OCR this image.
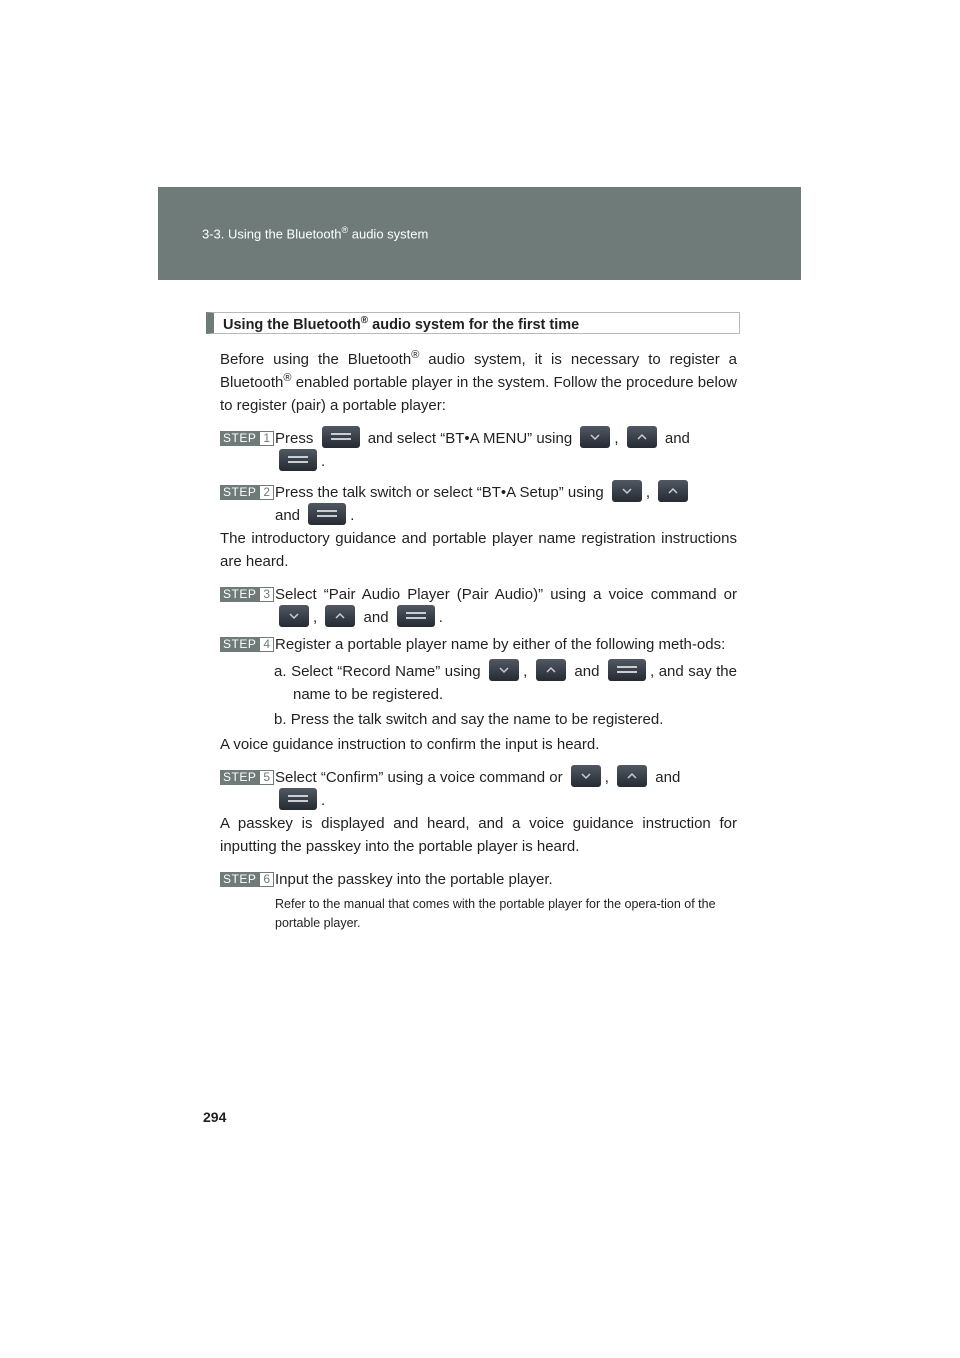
3-3. Using the Bluetooth® audio system
Using the Bluetooth® audio system for the first time

Before using the Bluetooth® audio system, it is necessary to register a Bluetooth® enabled portable player in the system. Follow the procedure below to register (pair) a portable player:

STEP 1 Press	and select “BT•A MENU” using	,	and
.
STEP 2 Press the talk switch or select “BT•A Setup” using	,

and	.

The introductory guidance and portable player name registration instructions are heard.

STEP 3 Select “Pair Audio Player (Pair Audio)” using a voice command or
,	and	.
STEP 4 Register a portable player name by either of the following meth-ods:

a. Select “Record Name” using	,	and	, and say the name to be registered.

b. Press the talk switch and say the name to be registered.

A voice guidance instruction to confirm the input is heard.

STEP 5 Select “Confirm” using a voice command or	,	and
.

A passkey is displayed and heard, and a voice guidance instruction for inputting the passkey into the portable player is heard.

STEP 6 Input the passkey into the portable player.
Refer to the manual that comes with the portable player for the opera-tion of the portable player.
294
